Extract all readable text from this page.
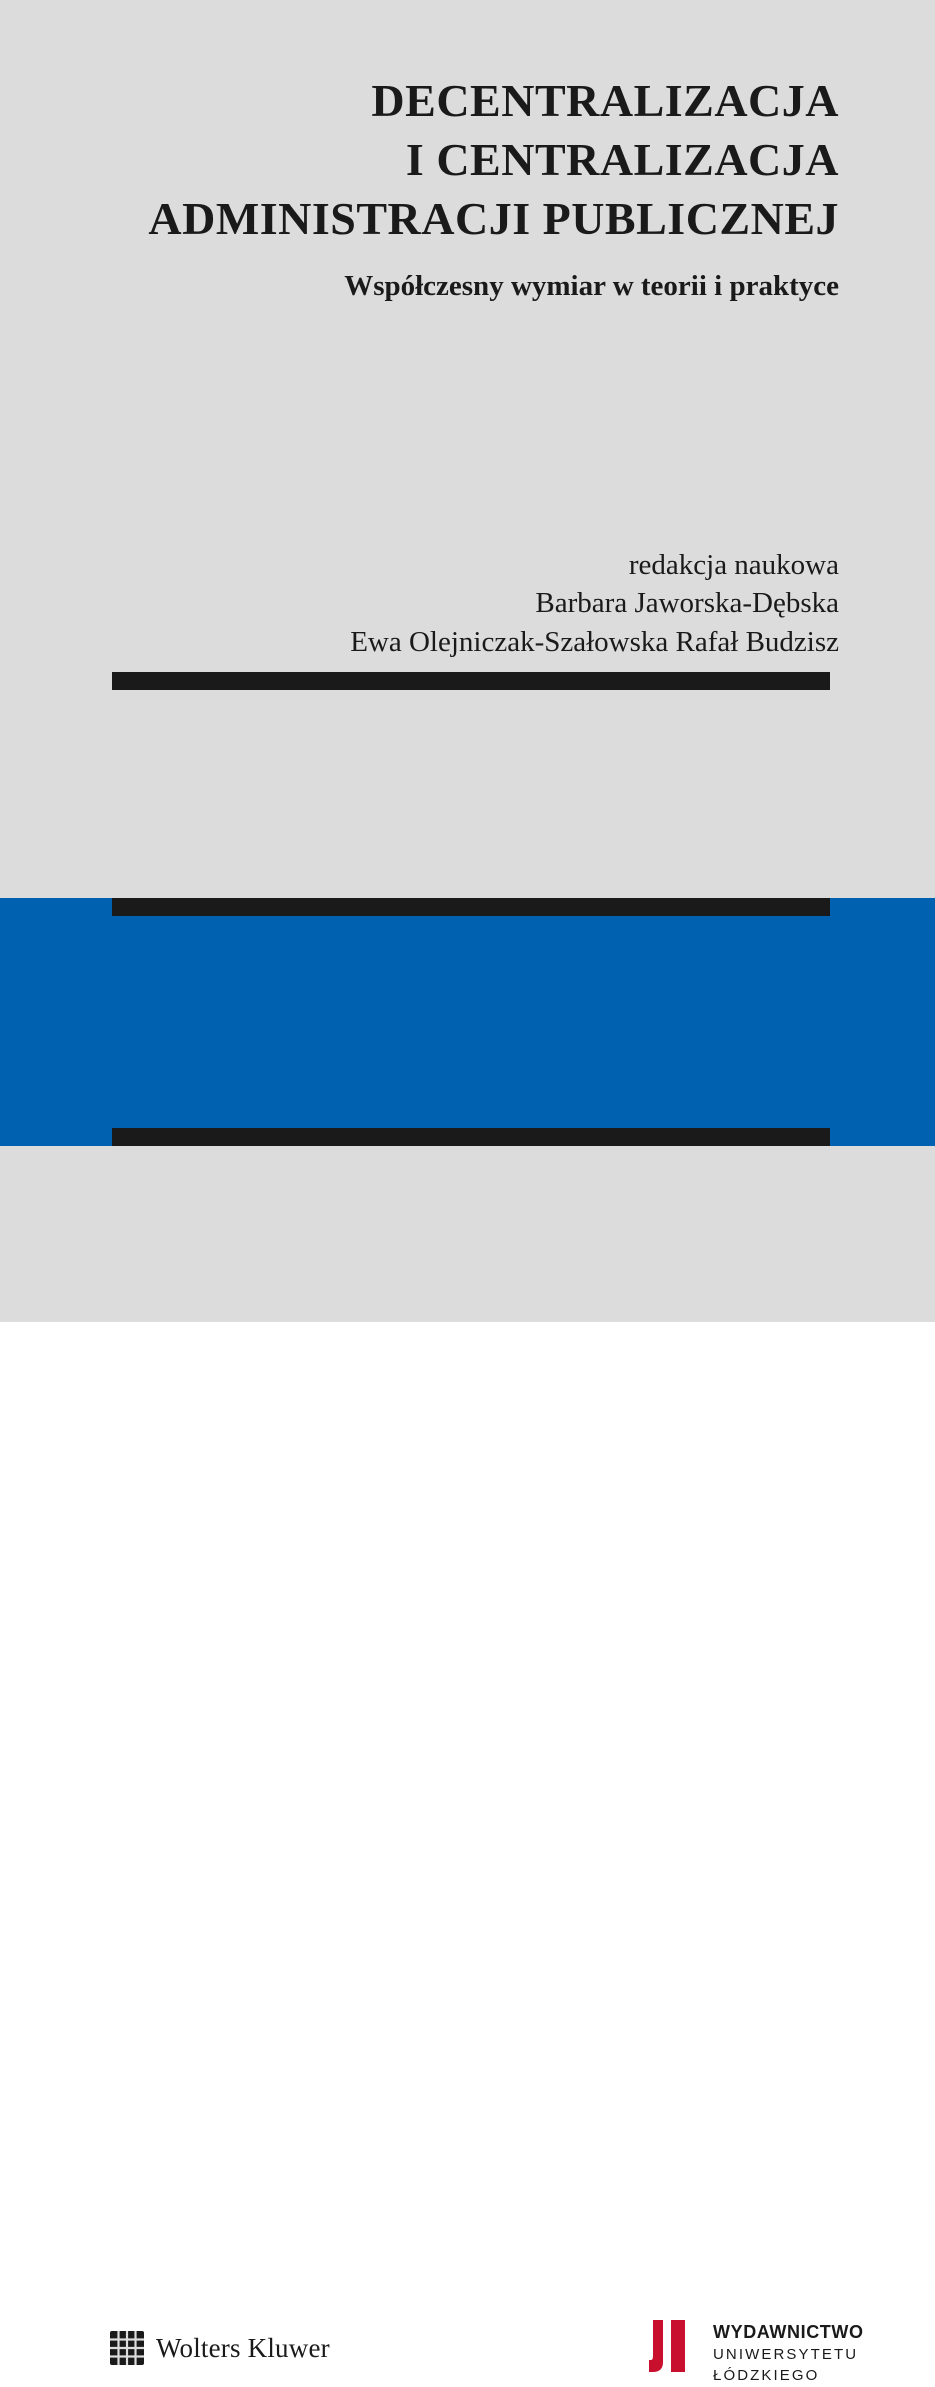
DECENTRALIZACJA
I CENTRALIZACJA
ADMINISTRACJI PUBLICZNEJ
Współczesny wymiar w teorii i praktyce
redakcja naukowa
Barbara Jaworska-Dębska
Ewa Olejniczak-Szałowska Rafał Budzisz
Wolters Kluwer
WYDAWNICTWO
UNIWERSYTETU
ŁÓDZKIEGO
